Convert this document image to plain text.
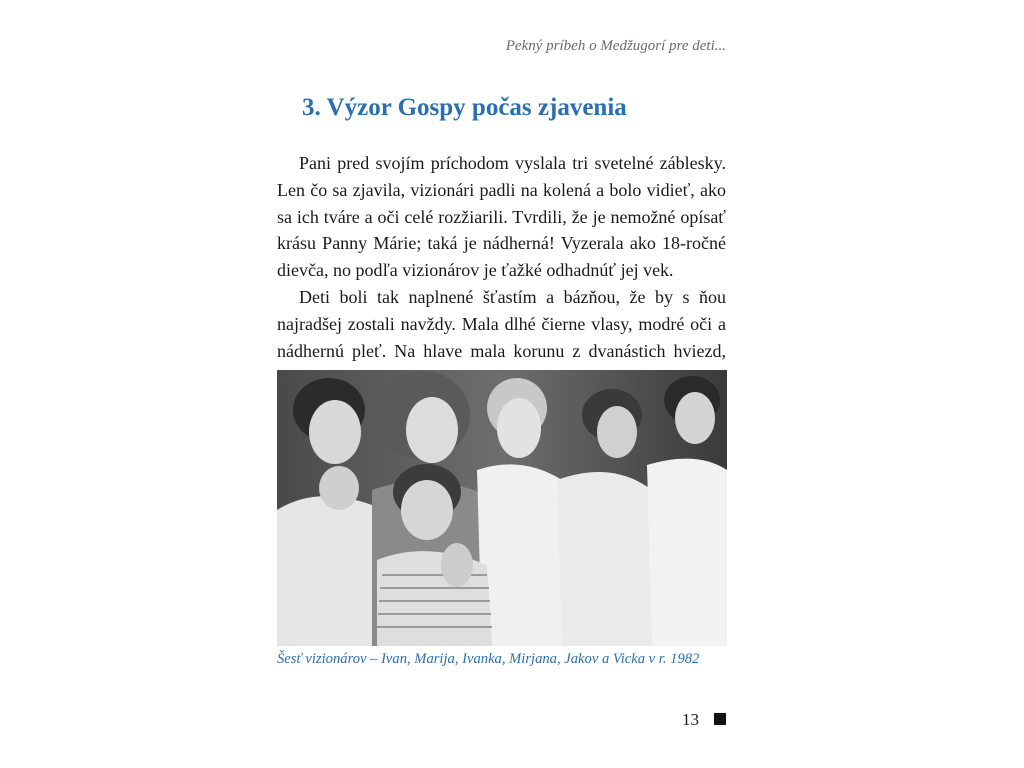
Pekný príbeh o Medžugorí pre deti...
3. Výzor Gospy počas zjavenia

Pani pred svojím príchodom vyslala tri svetelné záblesky. Len čo sa zjavila, vizionári padli na kolená a bolo vidieť, ako sa ich tváre a oči celé rozžiarili. Tvrdili, že je nemožné opísať krásu Panny Márie; taká je nádherná! Vyzerala ako 18-ročné dievča, no podľa vizionárov je ťažké odhadnúť jej vek.

Deti boli tak naplnené šťastím a bázňou, že by s ňou najradšej zostali navždy. Mala dlhé čierne vlasy, modré oči a nádhernú pleť. Na hlave mala korunu z dvanástich hviezd,

Šesť vizionárov – Ivan, Marija, Ivanka, Mirjana, Jakov a Vicka v r. 1982
13
